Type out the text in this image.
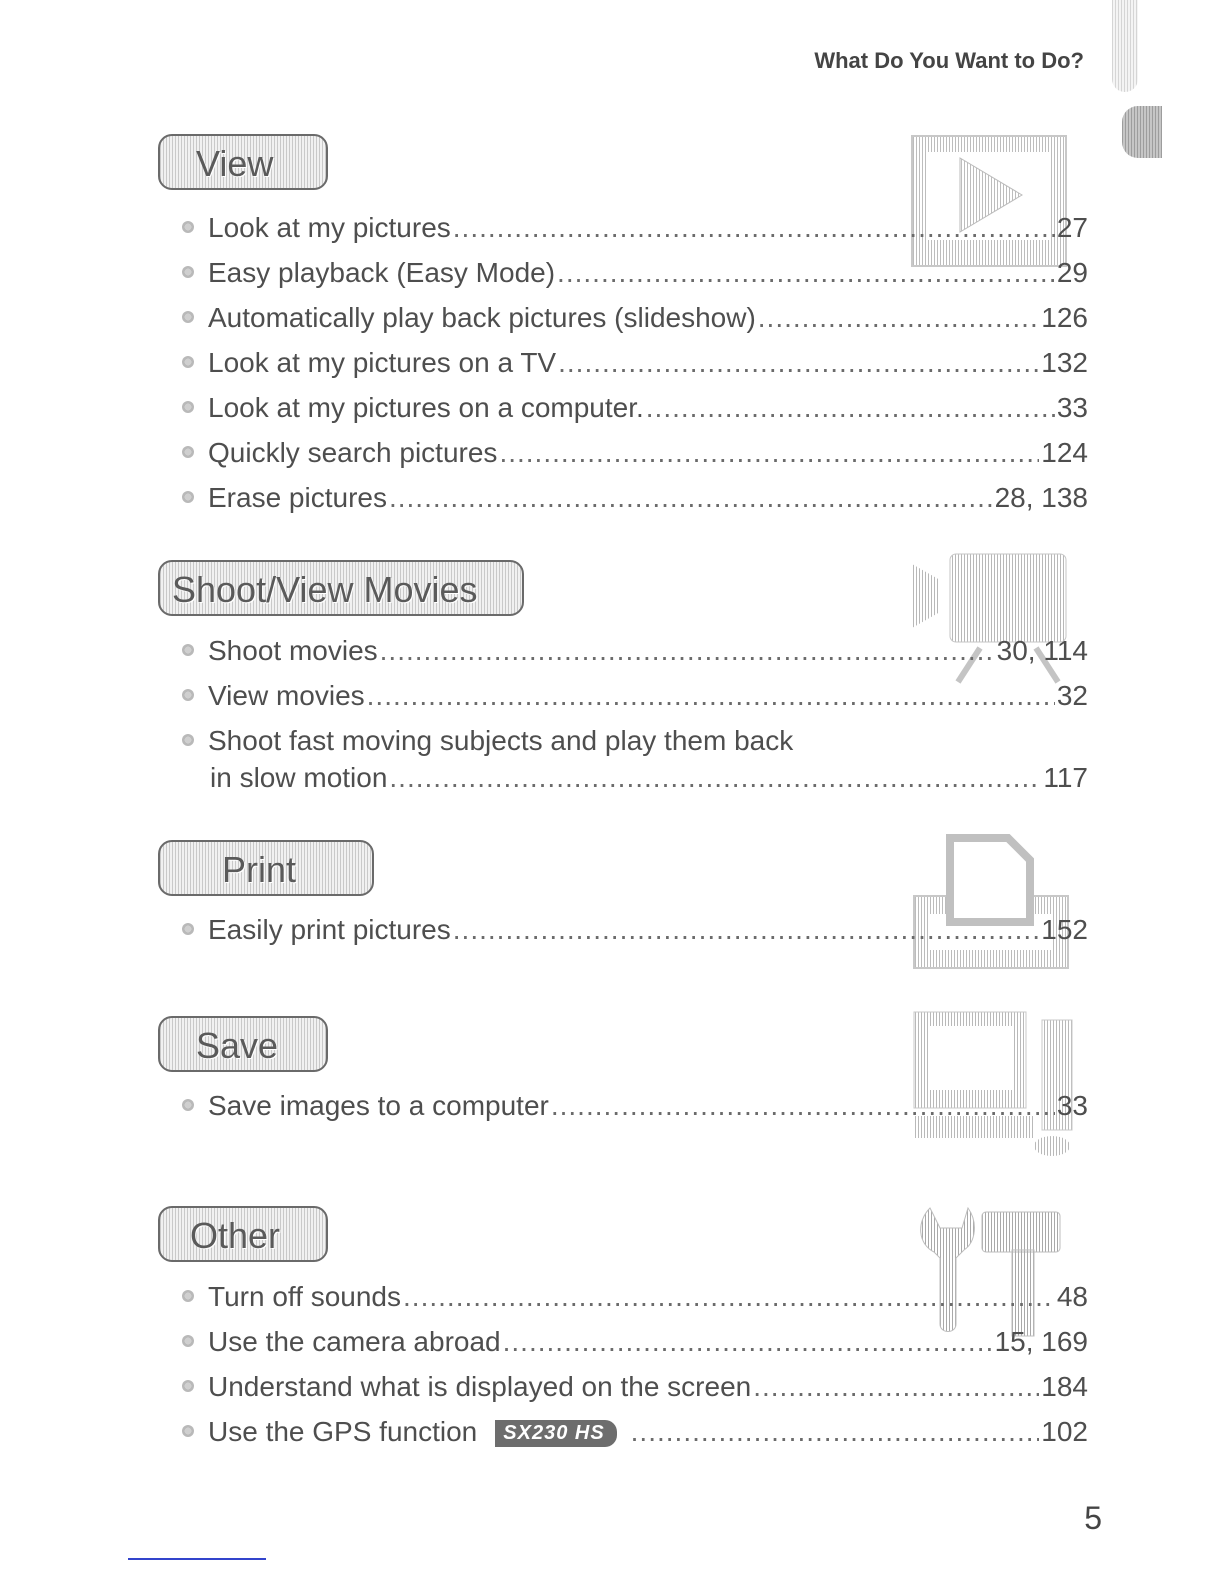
What Do You Want to Do?
View
Look at my pictures .....	27
Easy playback (Easy Mode) .....	29
Automatically play back pictures (slideshow) .....	126
Look at my pictures on a TV .....	132
Look at my pictures on a computer. .....	33
Quickly search pictures .....	124
Erase pictures .....	28, 138
Shoot/View Movies
Shoot movies .....	30, 114
View movies .....	32
Shoot fast moving subjects and play them back
in slow motion .....	117
Print
Easily print pictures .....	152
Save
Save images to a computer .....	33
Other
Turn off sounds .....	48
Use the camera abroad .....	15, 169
Understand what is displayed on the screen .....	184
Use the GPS function	SX230 HS .....	102
5
